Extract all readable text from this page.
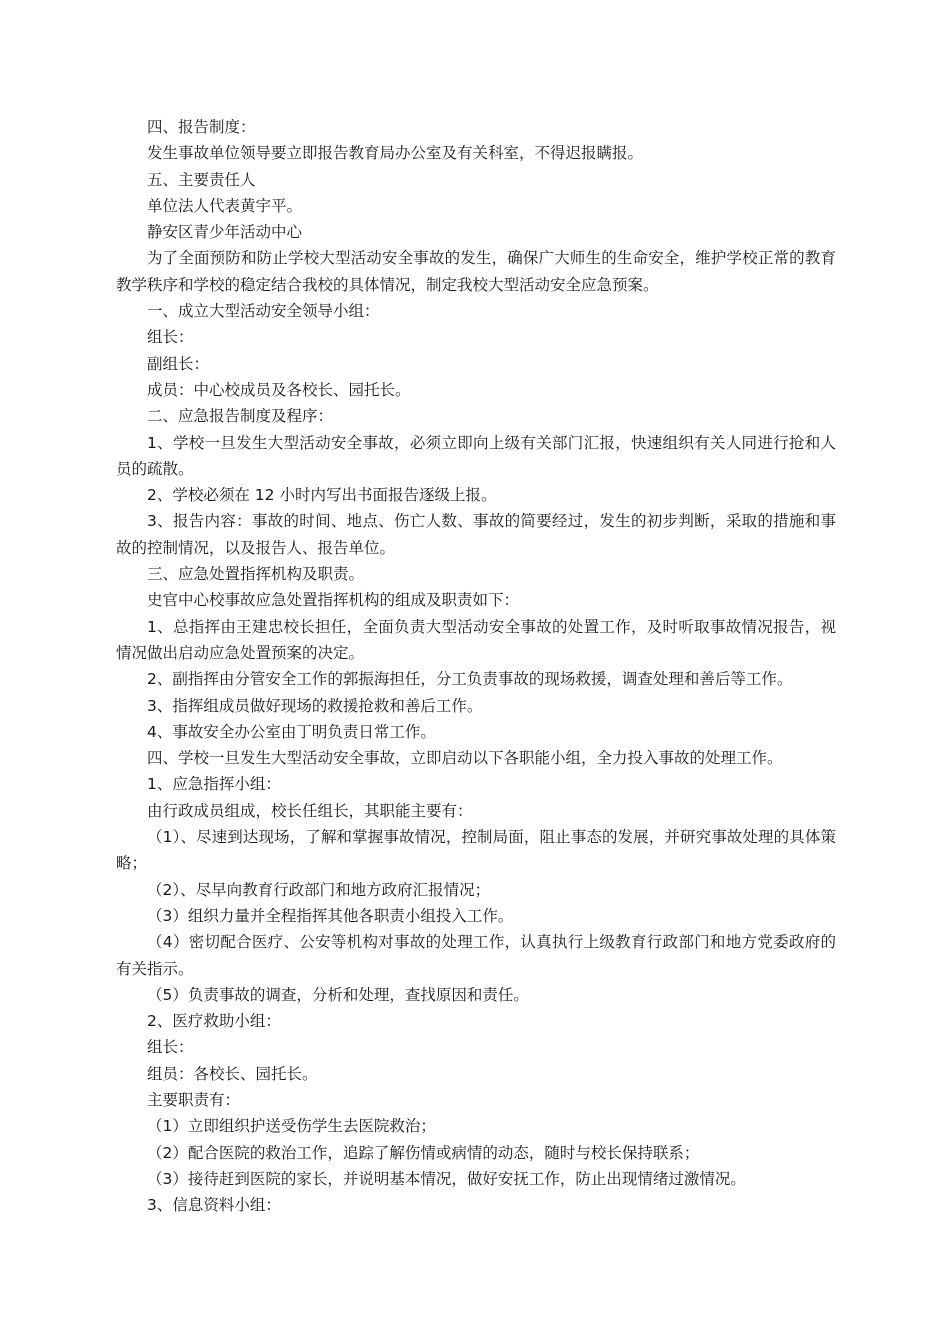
四、报告制度：

发生事故单位领导要立即报告教育局办公室及有关科室，不得迟报瞒报。

五、主要责任人

单位法人代表黄宇平。

静安区青少年活动中心

为了全面预防和防止学校大型活动安全事故的发生，确保广大师生的生命安全，维护学校正常的教育教学秩序和学校的稳定结合我校的具体情况，制定我校大型活动安全应急预案。

一、成立大型活动安全领导小组：

组长：

副组长：

成员：中心校成员及各校长、园托长。

二、应急报告制度及程序：

1、学校一旦发生大型活动安全事故，必须立即向上级有关部门汇报，快速组织有关人同进行抢和人员的疏散。

2、学校必须在 12 小时内写出书面报告逐级上报。

3、报告内容：事故的时间、地点、伤亡人数、事故的简要经过，发生的初步判断，采取的措施和事故的控制情况，以及报告人、报告单位。

三、应急处置指挥机构及职责。

史官中心校事故应急处置指挥机构的组成及职责如下：

1、总指挥由王建忠校长担任，全面负责大型活动安全事故的处置工作，及时听取事故情况报告，视情况做出启动应急处置预案的决定。

2、副指挥由分管安全工作的郭振海担任，分工负责事故的现场救援，调查处理和善后等工作。

3、指挥组成员做好现场的救援抢救和善后工作。

4、事故安全办公室由丁明负责日常工作。

四、学校一旦发生大型活动安全事故，立即启动以下各职能小组，全力投入事故的处理工作。

1、应急指挥小组：

由行政成员组成，校长任组长，其职能主要有：

（1）、尽速到达现场，了解和掌握事故情况，控制局面，阻止事态的发展，并研究事故处理的具体策略；

（2）、尽早向教育行政部门和地方政府汇报情况；

（3）组织力量并全程指挥其他各职责小组投入工作。

（4）密切配合医疗、公安等机构对事故的处理工作，认真执行上级教育行政部门和地方党委政府的有关指示。

（5）负责事故的调查，分析和处理，查找原因和责任。

2、医疗救助小组：

组长：

组员：各校长、园托长。

主要职责有：

（1）立即组织护送受伤学生去医院救治；

（2）配合医院的救治工作，追踪了解伤情或病情的动态，随时与校长保持联系；

（3）接待赶到医院的家长，并说明基本情况，做好安抚工作，防止出现情绪过激情况。

3、信息资料小组：
